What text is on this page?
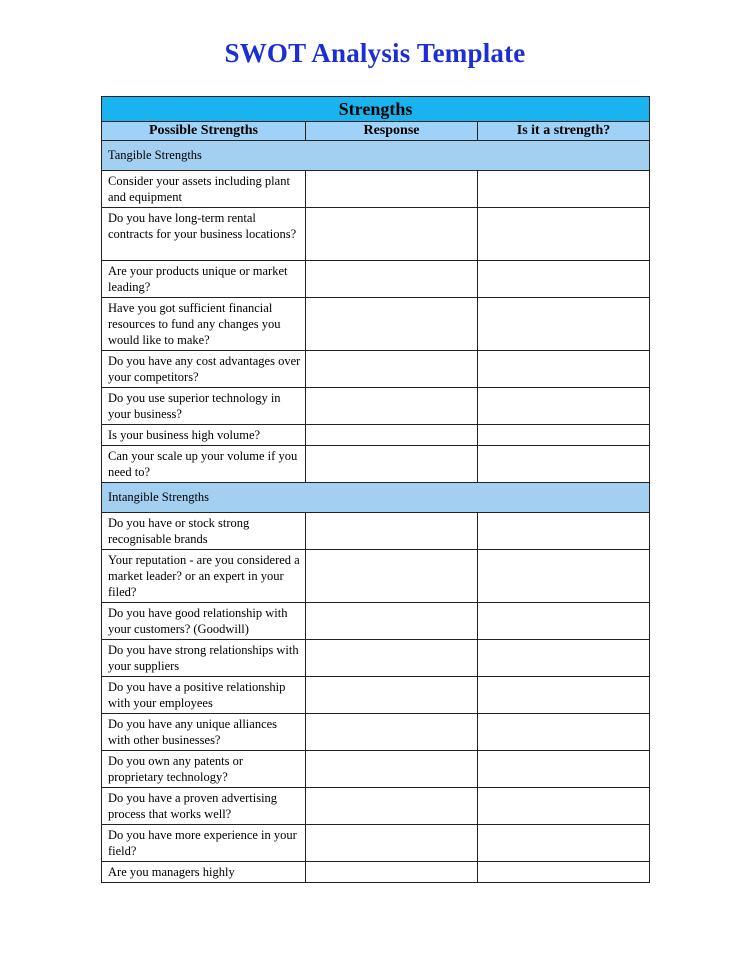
SWOT Analysis Template
Strengths		
Possible Strengths	Response	Is it a strength?
Tangible Strengths		
Consider your assets including plant and equipment		
Do you have long-term rental contracts for your business locations?		
Are your products unique or market leading?		
Have you got sufficient financial resources to fund any changes you would like to make?		
Do you have any cost advantages over your competitors?		
Do you use superior technology in your business?		
Is your business high volume?		
Can your scale up your volume if you need to?		
Intangible Strengths		
Do you have or stock strong recognisable brands		
Your reputation - are you considered a market leader? or an expert in your filed?		
Do you have good relationship with your customers? (Goodwill)		
Do you have strong relationships with your suppliers		
Do you have a positive relationship with your employees		
Do you have any unique alliances with other businesses?		
Do you own any patents or proprietary technology?		
Do you have a proven advertising process that works well?		
Do you have more experience in your field?		
Are you managers highly		
